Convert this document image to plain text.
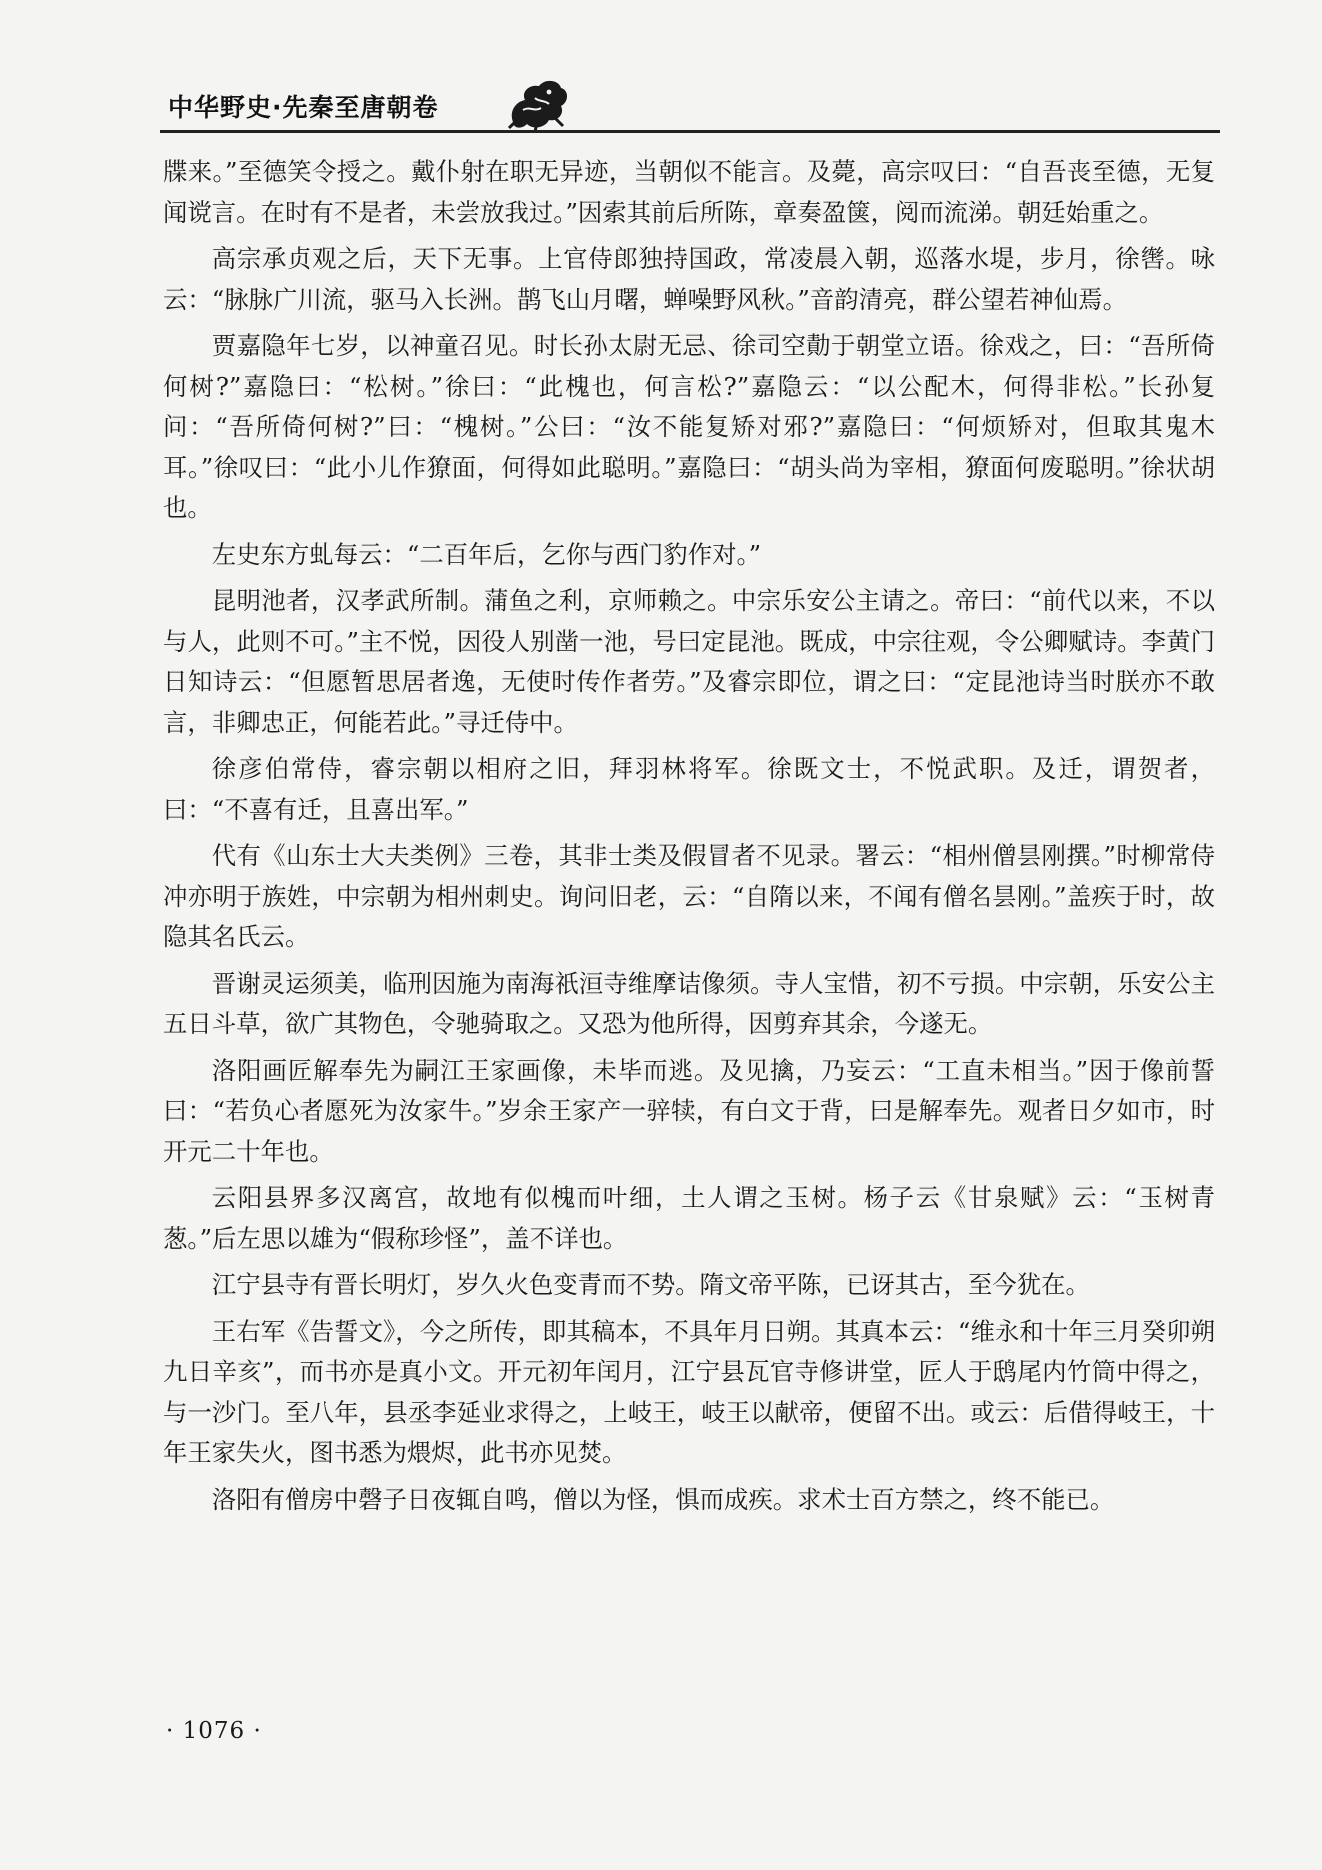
中华野史·先秦至唐朝卷

牒来。”至德笑令授之。戴仆射在职无异迹，当朝似不能言。及薨，高宗叹曰：“自吾丧至德，无复闻谠言。在时有不是者，未尝放我过。”因索其前后所陈，章奏盈箧，阅而流涕。朝廷始重之。

高宗承贞观之后，天下无事。上官侍郎独持国政，常凌晨入朝，巡落水堤，步月，徐辔。咏云：“脉脉广川流，驱马入长洲。鹊飞山月曙，蝉噪野风秋。”音韵清亮，群公望若神仙焉。

贾嘉隐年七岁，以神童召见。时长孙太尉无忌、徐司空勣于朝堂立语。徐戏之，曰：“吾所倚何树?”嘉隐曰：“松树。”徐曰：“此槐也，何言松?”嘉隐云：“以公配木，何得非松。”长孙复问：“吾所倚何树?”曰：“槐树。”公曰：“汝不能复矫对邪?”嘉隐曰：“何烦矫对，但取其鬼木耳。”徐叹曰：“此小儿作獠面，何得如此聪明。”嘉隐曰：“胡头尚为宰相，獠面何废聪明。”徐状胡也。

左史东方虬每云：“二百年后，乞你与西门豹作对。”

昆明池者，汉孝武所制。蒲鱼之利，京师赖之。中宗乐安公主请之。帝曰：“前代以来，不以与人，此则不可。”主不悦，因役人别凿一池，号曰定昆池。既成，中宗往观，令公卿赋诗。李黄门日知诗云：“但愿暂思居者逸，无使时传作者劳。”及睿宗即位，谓之曰：“定昆池诗当时朕亦不敢言，非卿忠正，何能若此。”寻迁侍中。

徐彦伯常侍，睿宗朝以相府之旧，拜羽林将军。徐既文士，不悦武职。及迁，谓贺者，曰：“不喜有迁，且喜出军。”

代有《山东士大夫类例》三卷，其非士类及假冒者不见录。署云：“相州僧昙刚撰。”时柳常侍冲亦明于族姓，中宗朝为相州刺史。询问旧老，云：“自隋以来，不闻有僧名昙刚。”盖疾于时，故隐其名氏云。

晋谢灵运须美，临刑因施为南海祇洹寺维摩诘像须。寺人宝惜，初不亏损。中宗朝，乐安公主五日斗草，欲广其物色，令驰骑取之。又恐为他所得，因剪弃其余，今遂无。

洛阳画匠解奉先为嗣江王家画像，未毕而逃。及见擒，乃妄云：“工直未相当。”因于像前誓曰：“若负心者愿死为汝家牛。”岁余王家产一骍犊，有白文于背，曰是解奉先。观者日夕如市，时开元二十年也。

云阳县界多汉离宫，故地有似槐而叶细，土人谓之玉树。杨子云《甘泉赋》云：“玉树青葱。”后左思以雄为“假称珍怪”，盖不详也。

江宁县寺有晋长明灯，岁久火色变青而不势。隋文帝平陈，已讶其古，至今犹在。

王右军《告誓文》，今之所传，即其稿本，不具年月日朔。其真本云：“维永和十年三月癸卯朔九日辛亥”，而书亦是真小文。开元初年闰月，江宁县瓦官寺修讲堂，匠人于鸱尾内竹筒中得之，与一沙门。至八年，县丞李延业求得之，上岐王，岐王以献帝，便留不出。或云：后借得岐王，十年王家失火，图书悉为煨烬，此书亦见焚。

洛阳有僧房中磬子日夜辄自鸣，僧以为怪，惧而成疾。求术士百方禁之，终不能已。

· 1076 ·
